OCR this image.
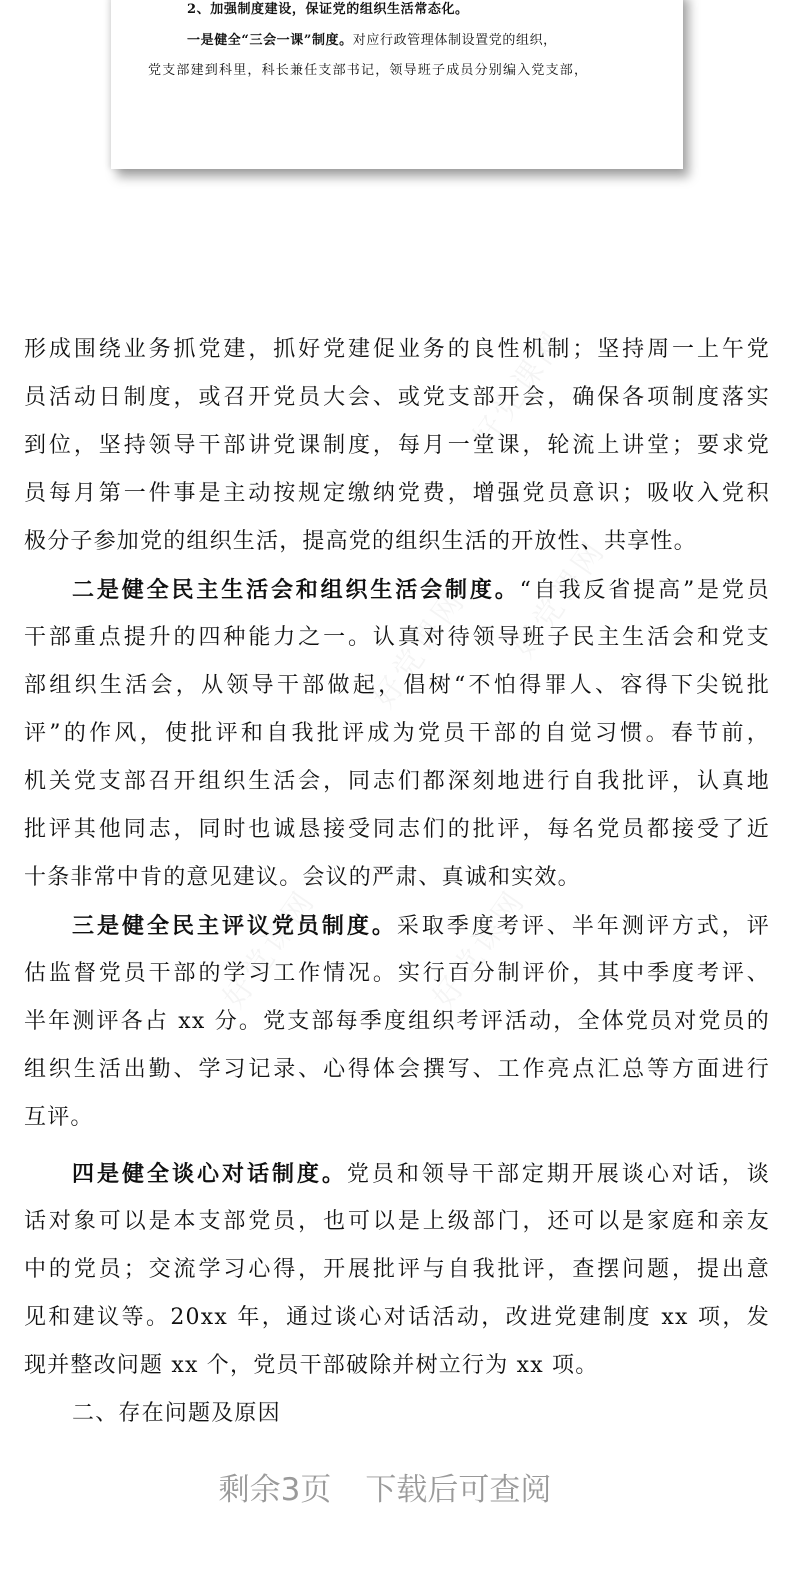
2、加强制度建设，保证党的组织生活常态化。
一是健全“三会一课”制度。对应行政管理体制设置党的组织，
党支部建到科里，科长兼任支部书记，领导班子成员分别编入党支部，
形成围绕业务抓党建，抓好党建促业务的良性机制；坚持周一上午党
员活动日制度，或召开党员大会、或党支部开会，确保各项制度落实
到位，坚持领导干部讲党课制度，每月一堂课，轮流上讲堂；要求党
员每月第一件事是主动按规定缴纳党费，增强党员意识；吸收入党积
极分子参加党的组织生活，提高党的组织生活的开放性、共享性。
二是健全民主生活会和组织生活会制度。“自我反省提高”是党员
干部重点提升的四种能力之一。认真对待领导班子民主生活会和党支
部组织生活会，从领导干部做起，倡树“不怕得罪人、容得下尖锐批
评”的作风，使批评和自我批评成为党员干部的自觉习惯。春节前，
机关党支部召开组织生活会，同志们都深刻地进行自我批评，认真地
批评其他同志，同时也诚恳接受同志们的批评，每名党员都接受了近
十条非常中肯的意见建议。会议的严肃、真诚和实效。
三是健全民主评议党员制度。采取季度考评、半年测评方式，评
估监督党员干部的学习工作情况。实行百分制评价，其中季度考评、
半年测评各占 xx 分。党支部每季度组织考评活动，全体党员对党员的
组织生活出勤、学习记录、心得体会撰写、工作亮点汇总等方面进行
互评。
四是健全谈心对话制度。党员和领导干部定期开展谈心对话，谈
话对象可以是本支部党员，也可以是上级部门，还可以是家庭和亲友
中的党员；交流学习心得，开展批评与自我批评，查摆问题，提出意
见和建议等。20xx 年，通过谈心对话活动，改进党建制度 xx 项，发
现并整改问题 xx 个，党员干部破除并树立行为 xx 项。
二、存在问题及原因
剩余3页 下载后可查阅
